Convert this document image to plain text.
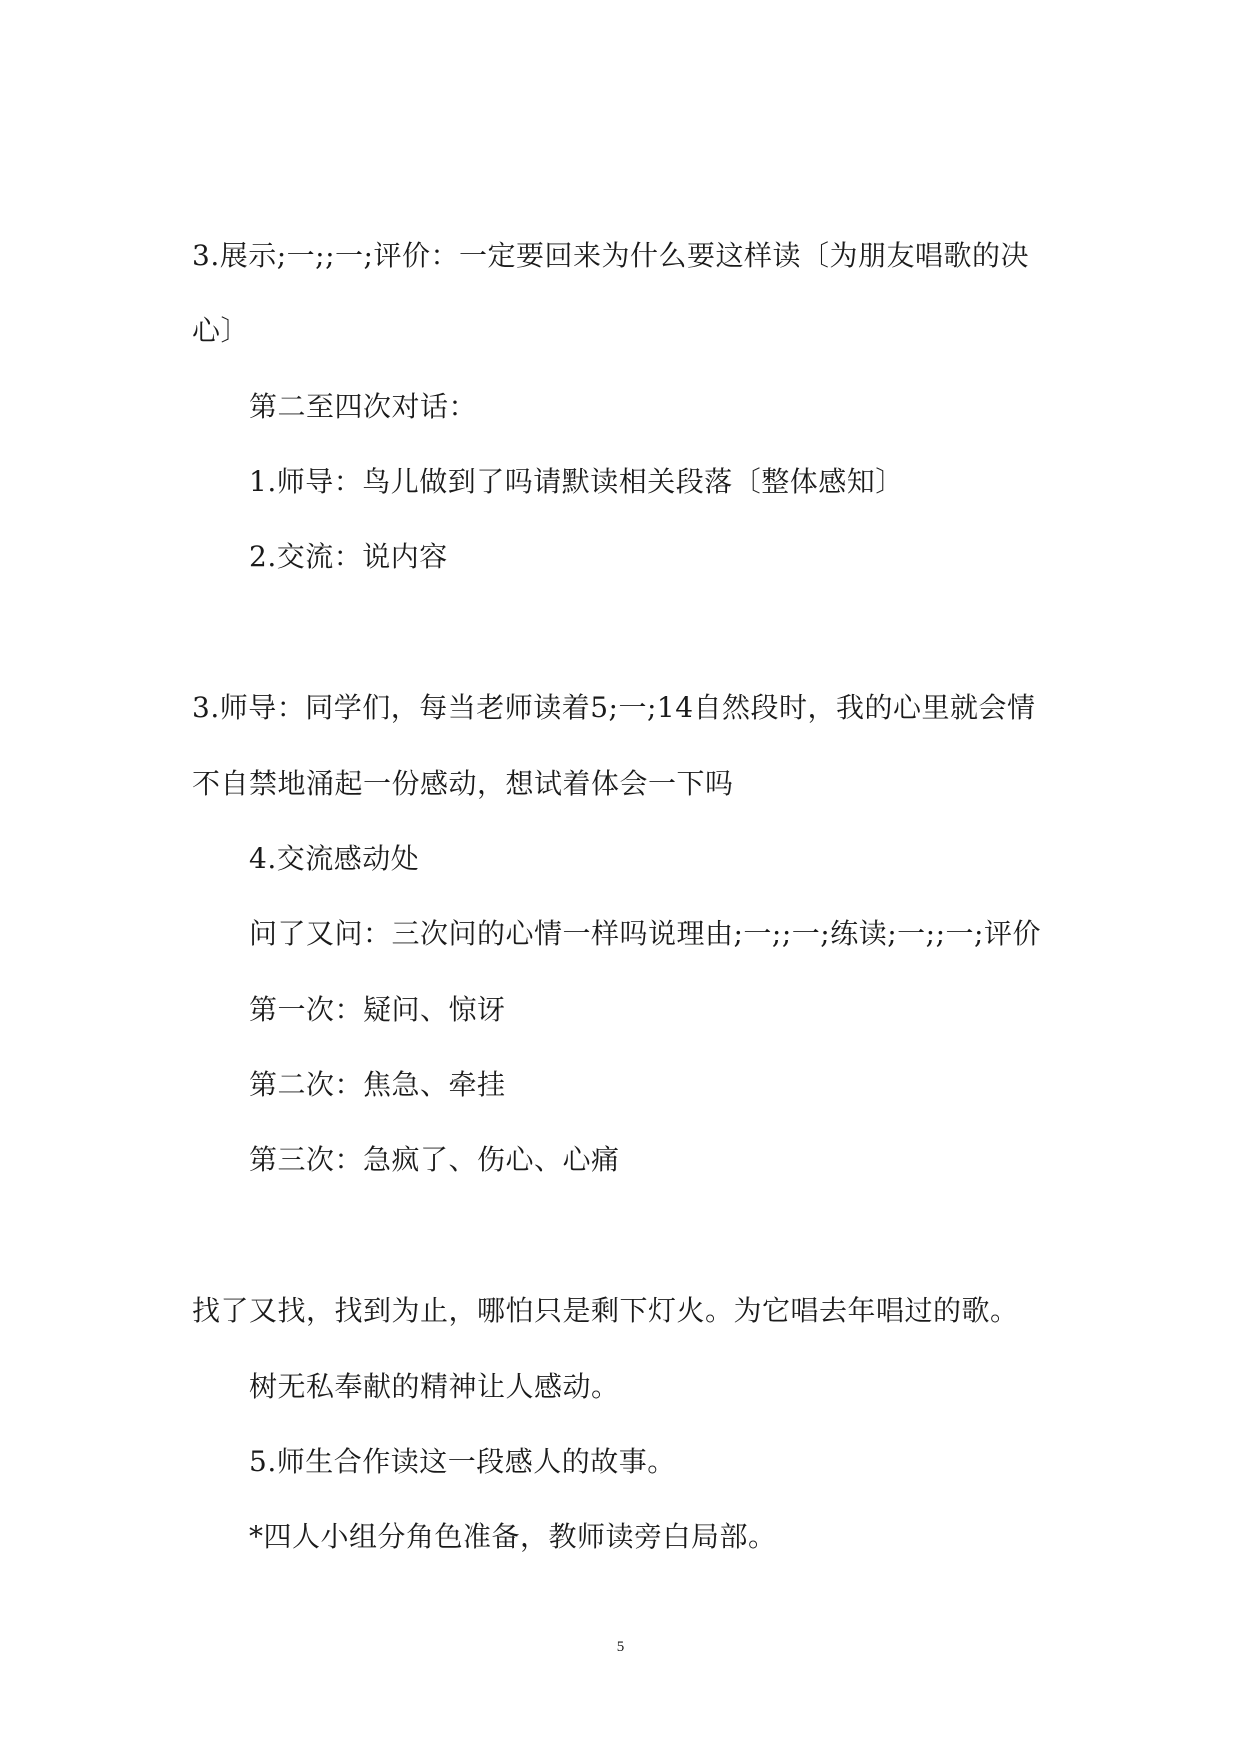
3.展示;一;;一;评价：一定要回来为什么要这样读〔为朋友唱歌的决

心〕

第二至四次对话：

1.师导：鸟儿做到了吗请默读相关段落〔整体感知〕

2.交流：说内容

3.师导：同学们，每当老师读着5;一;14自然段时，我的心里就会情

不自禁地涌起一份感动，想试着体会一下吗

4.交流感动处

问了又问：三次问的心情一样吗说理由;一;;一;练读;一;;一;评价

第一次：疑问、惊讶

第二次：焦急、牵挂

第三次：急疯了、伤心、心痛

找了又找，找到为止，哪怕只是剩下灯火。为它唱去年唱过的歌。

树无私奉献的精神让人感动。

5.师生合作读这一段感人的故事。

*四人小组分角色准备，教师读旁白局部。

5
